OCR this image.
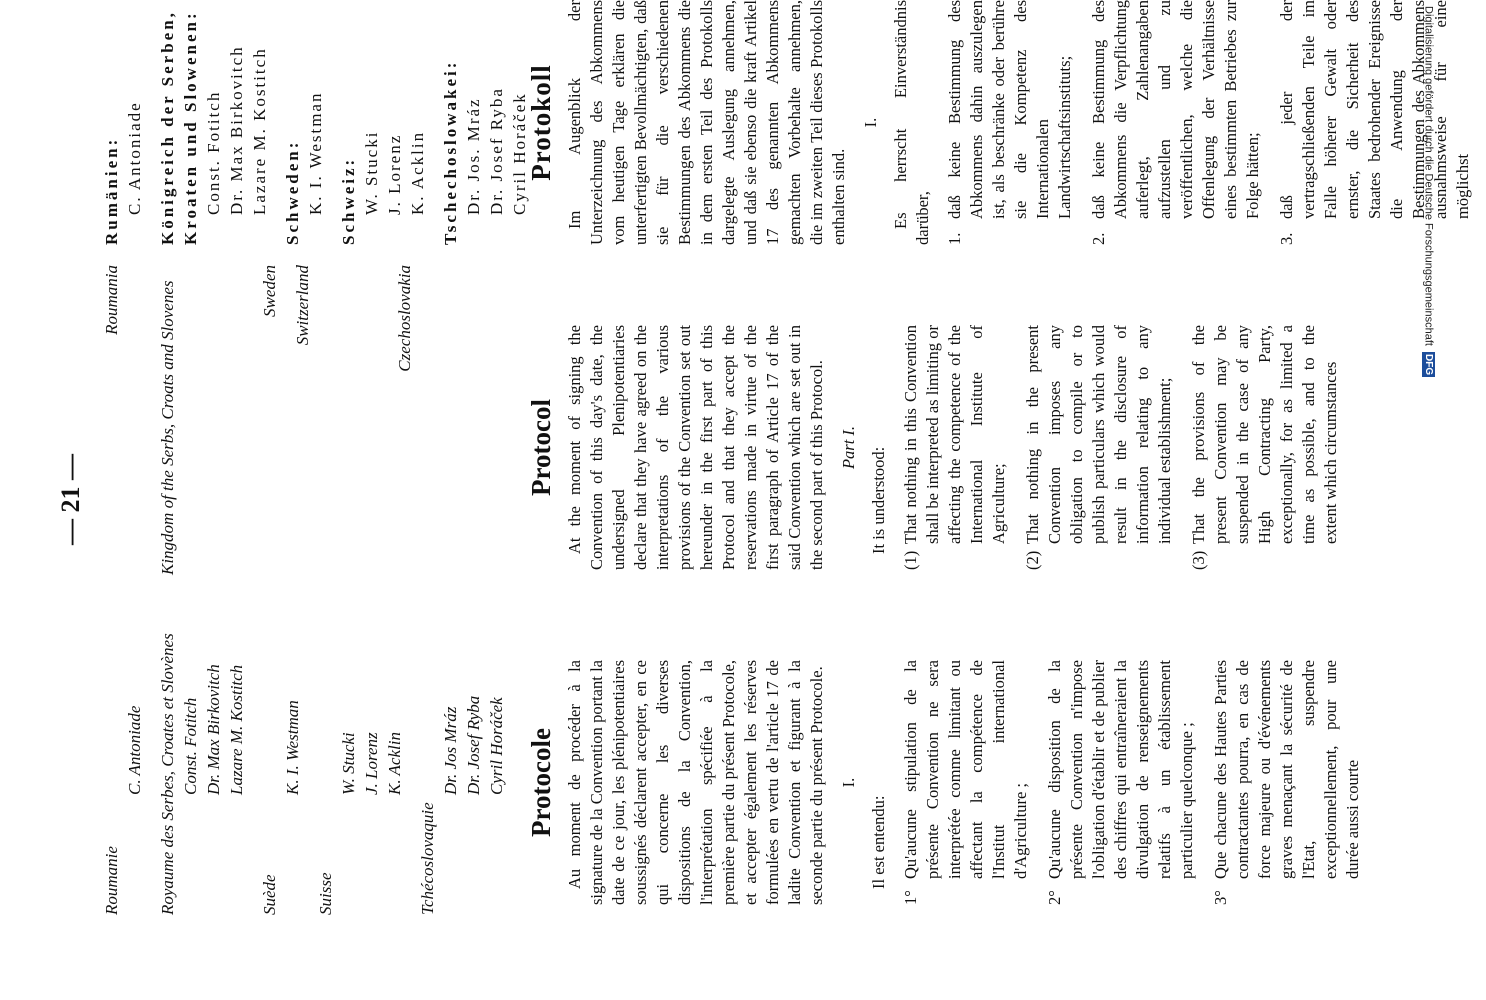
— 21 —
Roumanie
C. Antoniade Royaume des Serbes, Croates et Slovènes Const. Fotitch Dr. Max Birkovitch Lazare M. Kostitch
Suède
K. I. Westman
Suisse
W. Stucki J. Lorenz K. Acklin
Tchécoslovaquie
Dr. Jos Mráz Dr. Josef Ryba Cyril Horáček
Roumania Kingdom of the Serbs, Croats and Slovenes	Sweden Switzerland	Czechoslovakia
Rumänien: C. Antoniade Königreich der Serben, Kroaten und Slowenen: Const. Fotitch Dr. Max Birkovitch Lazare M. Kostitch Schweden: K. I. Westman Schweiz: W. Stucki J. Lorenz K. Acklin Tschechoslowakei: Dr. Jos. Mráz Dr. Josef Ryba Cyril Horáček
Protocole Au moment de procéder à la signature de la Convention portant la date de ce jour, les plénipotentiaires soussignés déclarent accepter, en ce qui concerne les diverses dispositions de la Convention, l'interprétation spécifiée à la première partie du présent Protocole, et accepter également les réserves formulées en vertu de l'article 17 de ladite Convention et figurant à la seconde partie du présent Protocole. I.

Il est entendu:

1°
Qu'aucune stipulation de la présente Convention ne sera interprétée comme limitant ou affectant la compétence de l'Institut international d'Agriculture ;
2°
Qu'aucune disposition de la présente Convention n'impose l'obligation d'établir et de publier des chiffres qui entraîneraient la divulgation de renseignements relatifs à un établissement particulier quelconque ;
3°
Que chacune des Hautes Parties contractantes pourra, en cas de force majeure ou d'événements graves menaçant la sécurité de l'Etat, suspendre exceptionnellement, pour une durée aussi courte
Protocol At the moment of signing the Convention of this day's date, the undersigned Plenipotentiaries declare that they have agreed on the interpretations of the various provisions of the Convention set out hereunder in the first part of this Protocol and that they accept the reservations made in virtue of the first paragraph of Article 17 of the said Convention which are set out in the second part of this Protocol. Part I. It is understood:

(1)
That nothing in this Convention shall be interpreted as limiting or affecting the competence of the International Institute of Agriculture;
(2)
That nothing in the present Convention imposes any obligation to compile or to publish particulars which would result in the disclosure of information relating to any individual establishment;
(3)
That the provisions of the present Convention may be suspended in the case of any High Contracting Party, exceptionally, for as limited a time as possible, and to the extent which circumstances
Protokoll Im Augenblick der Unterzeichnung des Abkommens vom heutigen Tage erklären die unterfertigten Bevollmächtigten, daß sie für die verschiedenen Bestimmungen des Abkommens die in dem ersten Teil des Protokolls dargelegte Auslegung annehmen, und daß sie ebenso die kraft Artikel 17 des genannten Abkommens gemachten Vorbehalte annehmen, die im zweiten Teil dieses Protokolls enthalten sind.

I. Es herrscht Einverständnis darüber, 1.
daß keine Bestimmung des Abkommens dahin auszulegen ist, als beschränke oder berühre sie die Kompetenz des Internationalen Landwirtschaftsinstituts;
2.
daß keine Bestimmung des Abkommens die Verpflichtung auferlegt, Zahlenangaben aufzustellen und zu veröffentlichen, welche die Offenlegung der Verhältnisse eines bestimmten Betriebes zur Folge hätten;
3.
daß jeder der vertragschließenden Teile im Falle höherer Gewalt oder ernster, die Sicherheit des Staates bedrohender Ereignisse die Anwendung der Bestimmungen des Abkommens ausnahmsweise für eine möglichst
Digitalisierung gefördert durch die Deutsche Forschungsgemeinschaft
DFG
